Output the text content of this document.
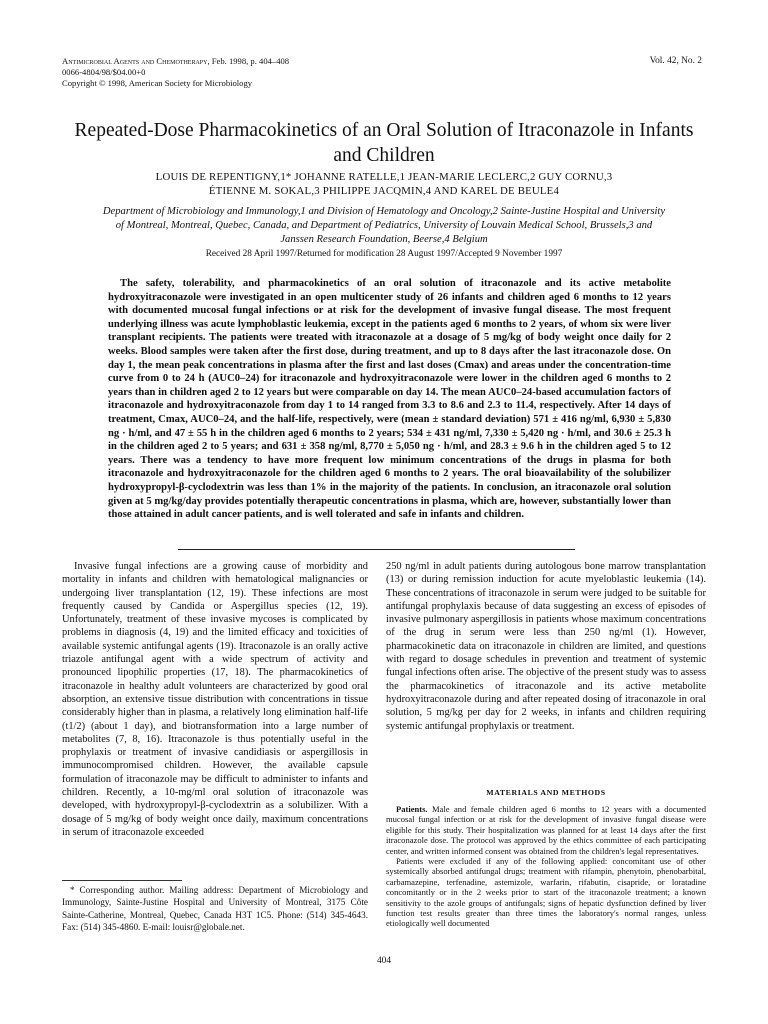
Antimicrobial Agents and Chemotherapy, Feb. 1998, p. 404–408
0066-4804/98/$04.00+0
Copyright © 1998, American Society for Microbiology
Vol. 42, No. 2
Repeated-Dose Pharmacokinetics of an Oral Solution of Itraconazole in Infants and Children
LOUIS DE REPENTIGNY,1* JOHANNE RATELLE,1 JEAN-MARIE LECLERC,2 GUY CORNU,3
ÉTIENNE M. SOKAL,3 PHILIPPE JACQMIN,4 AND KAREL DE BEULE4
Department of Microbiology and Immunology,1 and Division of Hematology and Oncology,2 Sainte-Justine Hospital and University of Montreal, Montreal, Quebec, Canada, and Department of Pediatrics, University of Louvain Medical School, Brussels,3 and Janssen Research Foundation, Beerse,4 Belgium
Received 28 April 1997/Returned for modification 28 August 1997/Accepted 9 November 1997
The safety, tolerability, and pharmacokinetics of an oral solution of itraconazole and its active metabolite hydroxyitraconazole were investigated in an open multicenter study of 26 infants and children aged 6 months to 12 years with documented mucosal fungal infections or at risk for the development of invasive fungal disease. The most frequent underlying illness was acute lymphoblastic leukemia, except in the patients aged 6 months to 2 years, of whom six were liver transplant recipients. The patients were treated with itraconazole at a dosage of 5 mg/kg of body weight once daily for 2 weeks. Blood samples were taken after the first dose, during treatment, and up to 8 days after the last itraconazole dose. On day 1, the mean peak concentrations in plasma after the first and last doses (Cmax) and areas under the concentration-time curve from 0 to 24 h (AUC0–24) for itraconazole and hydroxyitraconazole were lower in the children aged 6 months to 2 years than in children aged 2 to 12 years but were comparable on day 14. The mean AUC0–24-based accumulation factors of itraconazole and hydroxyitraconazole from day 1 to 14 ranged from 3.3 to 8.6 and 2.3 to 11.4, respectively. After 14 days of treatment, Cmax, AUC0–24, and the half-life, respectively, were (mean ± standard deviation) 571 ± 416 ng/ml, 6,930 ± 5,830 ng · h/ml, and 47 ± 55 h in the children aged 6 months to 2 years; 534 ± 431 ng/ml, 7,330 ± 5,420 ng · h/ml, and 30.6 ± 25.3 h in the children aged 2 to 5 years; and 631 ± 358 ng/ml, 8,770 ± 5,050 ng · h/ml, and 28.3 ± 9.6 h in the children aged 5 to 12 years. There was a tendency to have more frequent low minimum concentrations of the drugs in plasma for both itraconazole and hydroxyitraconazole for the children aged 6 months to 2 years. The oral bioavailability of the solubilizer hydroxypropyl-β-cyclodextrin was less than 1% in the majority of the patients. In conclusion, an itraconazole oral solution given at 5 mg/kg/day provides potentially therapeutic concentrations in plasma, which are, however, substantially lower than those attained in adult cancer patients, and is well tolerated and safe in infants and children.

Invasive fungal infections are a growing cause of morbidity and mortality in infants and children with hematological malignancies or undergoing liver transplantation (12, 19). These infections are most frequently caused by Candida or Aspergillus species (12, 19). Unfortunately, treatment of these invasive mycoses is complicated by problems in diagnosis (4, 19) and the limited efficacy and toxicities of available systemic antifungal agents (19). Itraconazole is an orally active triazole antifungal agent with a wide spectrum of activity and pronounced lipophilic properties (17, 18). The pharmacokinetics of itraconazole in healthy adult volunteers are characterized by good oral absorption, an extensive tissue distribution with concentrations in tissue considerably higher than in plasma, a relatively long elimination half-life (t1/2) (about 1 day), and biotransformation into a large number of metabolites (7, 8, 16). Itraconazole is thus potentially useful in the prophylaxis or treatment of invasive candidiasis or aspergillosis in immunocompromised children. However, the available capsule formulation of itraconazole may be difficult to administer to infants and children. Recently, a 10-mg/ml oral solution of itraconazole was developed, with hydroxypropyl-β-cyclodextrin as a solubilizer. With a dosage of 5 mg/kg of body weight once daily, maximum concentrations in serum of itraconazole exceeded

* Corresponding author. Mailing address: Department of Microbiology and Immunology, Sainte-Justine Hospital and University of Montreal, 3175 Côte Sainte-Catherine, Montreal, Quebec, Canada H3T 1C5. Phone: (514) 345-4643. Fax: (514) 345-4860. E-mail: louisr@globale.net.

250 ng/ml in adult patients during autologous bone marrow transplantation (13) or during remission induction for acute myeloblastic leukemia (14). These concentrations of itraconazole in serum were judged to be suitable for antifungal prophylaxis because of data suggesting an excess of episodes of invasive pulmonary aspergillosis in patients whose maximum concentrations of the drug in serum were less than 250 ng/ml (1). However, pharmacokinetic data on itraconazole in children are limited, and questions with regard to dosage schedules in prevention and treatment of systemic fungal infections often arise. The objective of the present study was to assess the pharmacokinetics of itraconazole and its active metabolite hydroxyitraconazole during and after repeated dosing of itraconazole in oral solution, 5 mg/kg per day for 2 weeks, in infants and children requiring systemic antifungal prophylaxis or treatment.

MATERIALS AND METHODS

Patients. Male and female children aged 6 months to 12 years with a documented mucosal fungal infection or at risk for the development of invasive fungal disease were eligible for this study. Their hospitalization was planned for at least 14 days after the first itraconazole dose. The protocol was approved by the ethics committee of each participating center, and written informed consent was obtained from the children's legal representatives.

Patients were excluded if any of the following applied: concomitant use of other systemically absorbed antifungal drugs; treatment with rifampin, phenytoin, phenobarbital, carbamazepine, terfenadine, astemizole, warfarin, rifabutin, cisapride, or loratadine concomitantly or in the 2 weeks prior to start of the itraconazole treatment; a known sensitivity to the azole groups of antifungals; signs of hepatic dysfunction defined by liver function test results greater than three times the laboratory's normal ranges, unless etiologically well documented

404
